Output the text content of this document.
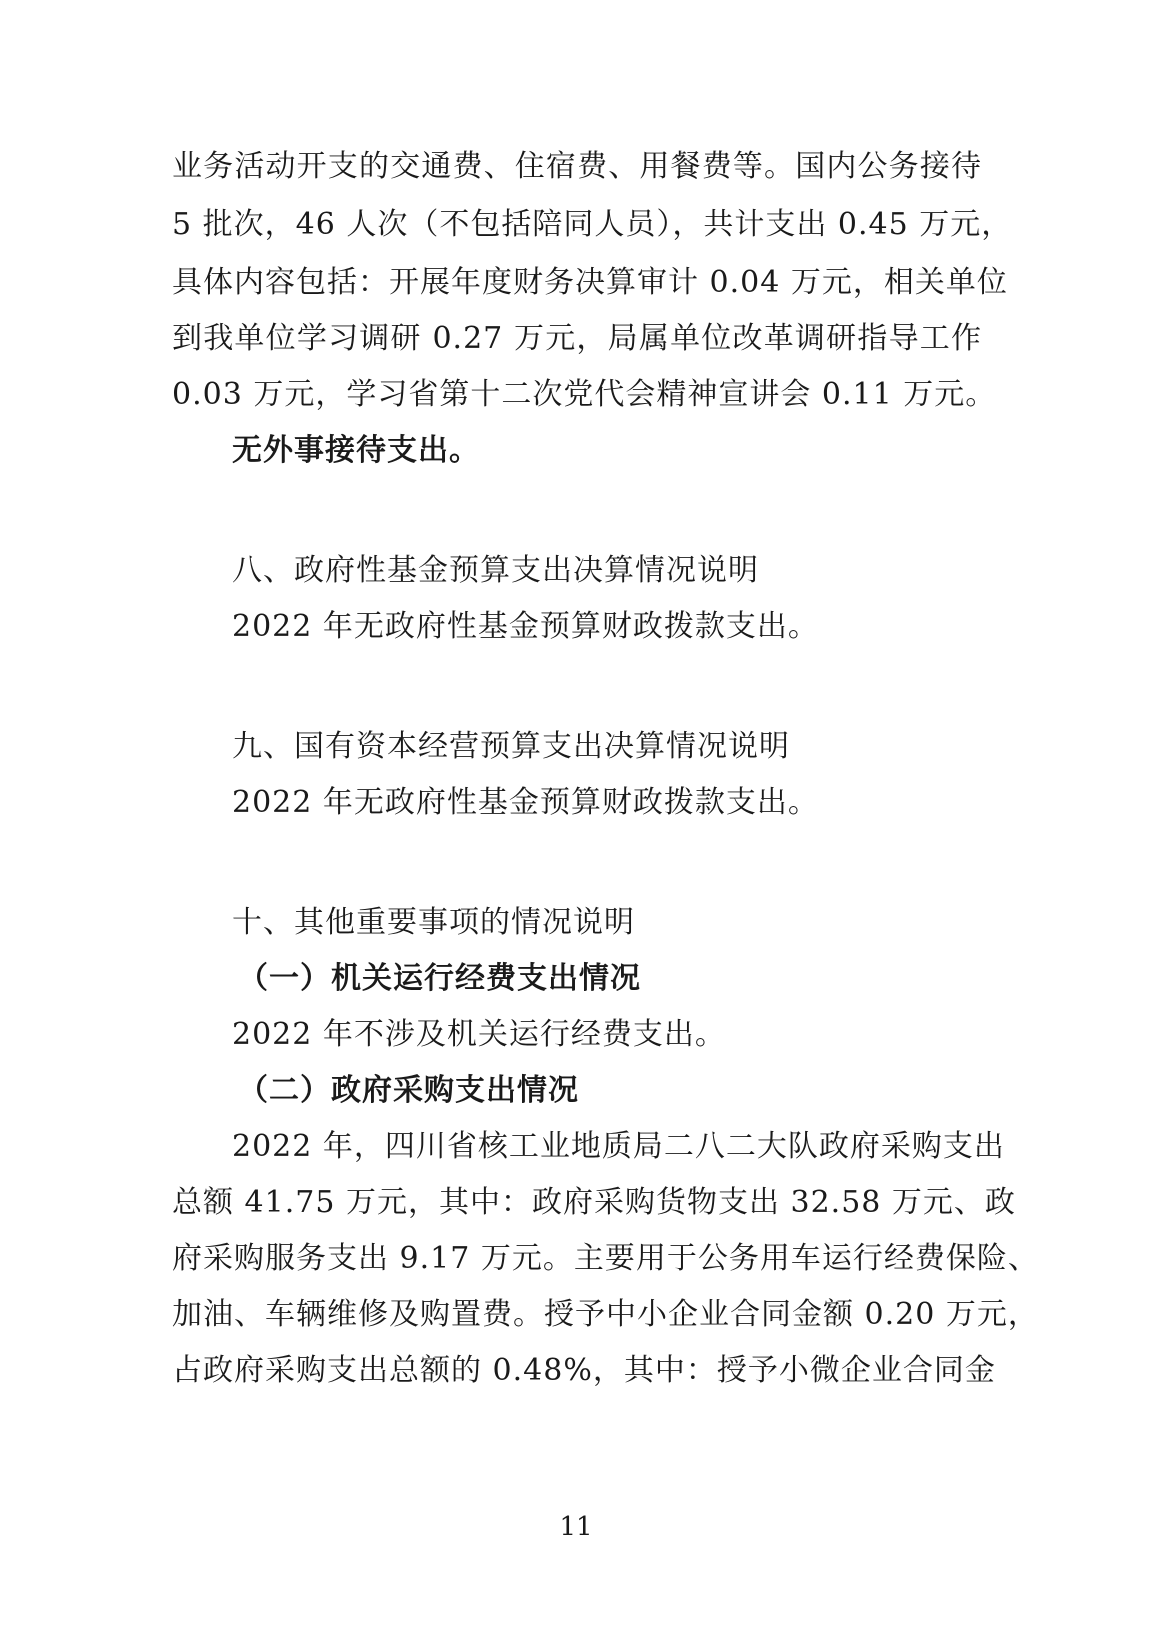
业务活动开支的交通费、住宿费、用餐费等。国内公务接待
5 批次，46 人次（不包括陪同人员），共计支出 0.45 万元，
具体内容包括：开展年度财务决算审计 0.04 万元，相关单位
到我单位学习调研 0.27 万元，局属单位改革调研指导工作
0.03 万元，学习省第十二次党代会精神宣讲会 0.11 万元。
无外事接待支出。
八、政府性基金预算支出决算情况说明
2022 年无政府性基金预算财政拨款支出。
九、国有资本经营预算支出决算情况说明
2022 年无政府性基金预算财政拨款支出。
十、其他重要事项的情况说明
（一）机关运行经费支出情况
2022 年不涉及机关运行经费支出。
（二）政府采购支出情况
2022 年，四川省核工业地质局二八二大队政府采购支出
总额 41.75 万元，其中：政府采购货物支出 32.58 万元、政
府采购服务支出 9.17 万元。主要用于公务用车运行经费保险、
加油、车辆维修及购置费。授予中小企业合同金额 0.20 万元，
占政府采购支出总额的 0.48%，其中：授予小微企业合同金
11
